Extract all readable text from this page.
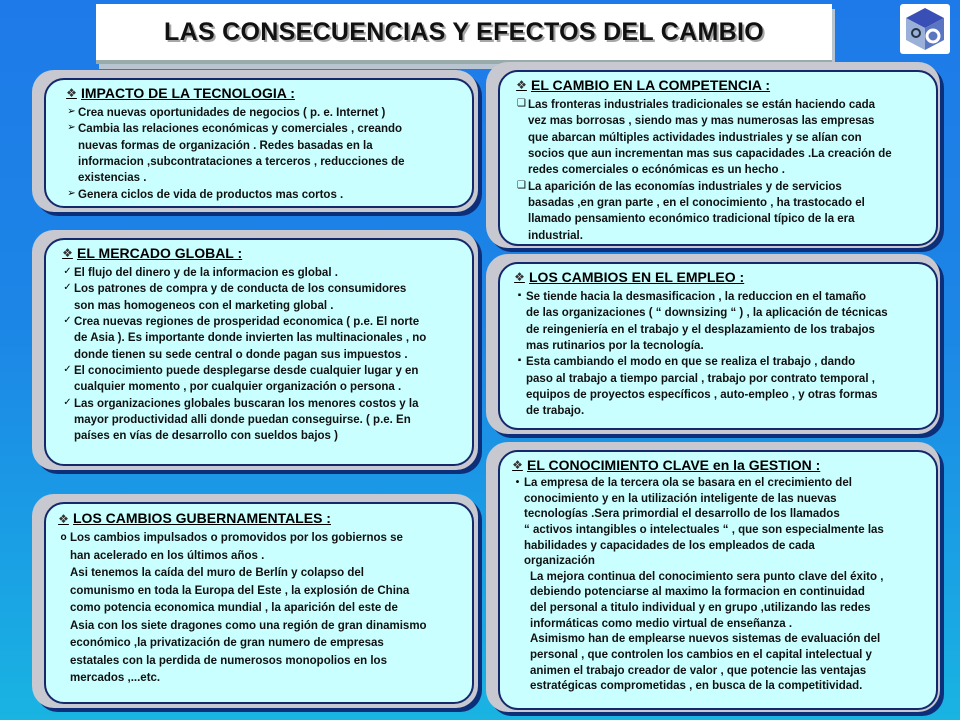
LAS CONSECUENCIAS Y EFECTOS DEL CAMBIO
❖ IMPACTO DE LA TECNOLOGIA :
➢ Crea nuevas oportunidades de negocios ( p. e. Internet )
➢ Cambia las relaciones económicas y comerciales , creando
nuevas formas de organización . Redes basadas en la
informacion ,subcontrataciones a terceros , reducciones de
existencias .
➢ Genera ciclos de vida de productos mas cortos .
❖ EL CAMBIO EN LA COMPETENCIA :
❑ Las fronteras industriales tradicionales se están haciendo cada
vez mas borrosas , siendo mas y mas numerosas las empresas
que abarcan múltiples actividades industriales y se alían con
socios que aun incrementan mas sus capacidades .La creación de
redes comerciales o ecónómicas es un hecho .
❑ La aparición de las economías industriales y de servicios
basadas ,en gran parte , en el conocimiento , ha trastocado el
llamado pensamiento económico tradicional típico de la era
industrial.
❖ EL MERCADO GLOBAL :
✓ El flujo del dinero y de la informacion es global .
✓ Los patrones de compra y de conducta de los consumidores
son mas homogeneos con el marketing global .
✓ Crea nuevas regiones de prosperidad economica ( p.e. El norte
de Asia ). Es importante donde invierten las multinacionales , no
donde tienen su sede central o donde pagan sus impuestos .
✓ El conocimiento puede desplegarse desde cualquier lugar y en
cualquier momento , por cualquier organización o persona .
✓ Las organizaciones globales buscaran los menores costos y la
mayor productividad alli donde puedan conseguirse. ( p.e. En
países en vías de desarrollo con sueldos bajos )
❖ LOS CAMBIOS EN EL EMPLEO :
▪ Se tiende hacia la desmasificacion , la reduccion en el tamaño
de las organizaciones ( “ downsizing “ ) , la aplicación de técnicas
de reingeniería en el trabajo y el desplazamiento de los trabajos
mas rutinarios por la tecnología.
▪ Esta cambiando el modo en que se realiza el trabajo , dando
paso al trabajo a tiempo parcial , trabajo por contrato temporal ,
equipos de proyectos específicos , auto-empleo , y otras formas
de trabajo.
❖ LOS CAMBIOS GUBERNAMENTALES :
o Los cambios impulsados o promovidos por los gobiernos se
han acelerado en los últimos años .
Asi tenemos la caída del muro de Berlín y colapso del
comunismo en toda la Europa del Este , la explosión de China
como potencia economica mundial , la aparición del este de
Asia con los siete dragones como una región de gran dinamismo
económico ,la privatización de gran numero de empresas
estatales con la perdida de numerosos monopolios en los
mercados ,...etc.
❖ EL CONOCIMIENTO CLAVE en la GESTION :
• La empresa de la tercera ola se basara en el crecimiento del
conocimiento y en la utilización inteligente de las nuevas
tecnologías .Sera primordial el desarrollo de los llamados
“ activos intangibles o intelectuales “ , que son especialmente las
habilidades y capacidades de los empleados de cada
organización
La mejora continua del conocimiento sera punto clave del éxito ,
debiendo potenciarse al maximo la formacion en continuidad
del personal a titulo individual y en grupo ,utilizando las redes
informáticas como medio virtual de enseñanza .
Asimismo han de emplearse nuevos sistemas de evaluación del
personal , que controlen los cambios en el capital intelectual y
animen el trabajo creador de valor , que potencie las ventajas
estratégicas comprometidas , en busca de la competitividad.
